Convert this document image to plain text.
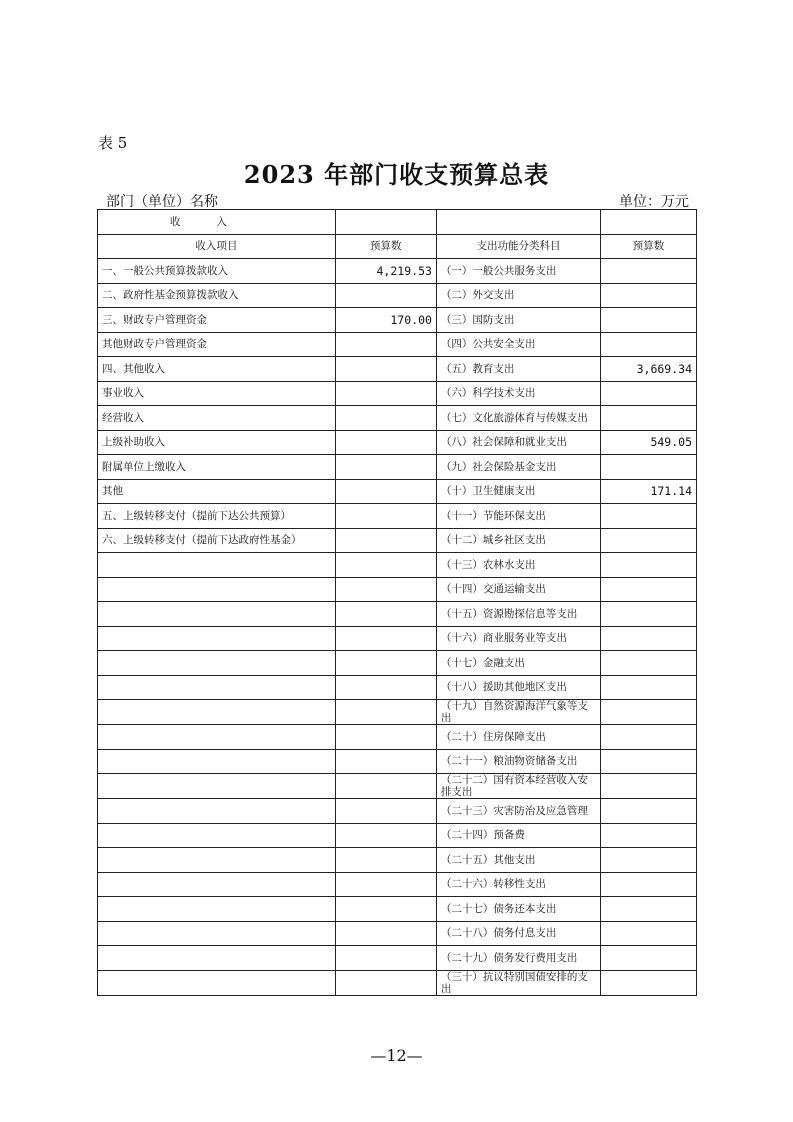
表 5
2023 年部门收支预算总表
部门（单位）名称	单位：万元
收入			
收入项目	预算数	支出功能分类科目	预算数
一、一般公共预算拨款收入	4,219.53	（一）一般公共服务支出	
二、政府性基金预算拨款收入		（二）外交支出	
三、财政专户管理资金	170.00	（三）国防支出	
其他财政专户管理资金		（四）公共安全支出	
四、其他收入		（五）教育支出	3,669.34
事业收入		（六）科学技术支出	
经营收入		（七）文化旅游体育与传媒支出	
上级补助收入		（八）社会保障和就业支出	549.05
附属单位上缴收入		（九）社会保险基金支出	
其他		（十）卫生健康支出	171.14
五、上级转移支付（提前下达公共预算）		（十一）节能环保支出	
六、上级转移支付（提前下达政府性基金）		（十二）城乡社区支出	
		（十三）农林水支出	
		（十四）交通运输支出	
		（十五）资源勘探信息等支出	
		（十六）商业服务业等支出	
		（十七）金融支出	
		（十八）援助其他地区支出	
		（十九）自然资源海洋气象等支出	
		（二十）住房保障支出	
		（二十一）粮油物资储备支出	
		（二十二）国有资本经营收入安排支出	
		（二十三）灾害防治及应急管理	
		（二十四）预备费	
		（二十五）其他支出	
		（二十六）转移性支出	
		（二十七）债务还本支出	
		（二十八）债务付息支出	
		（二十九）债务发行费用支出	
		（三十）抗议特别国债安排的支出	
—12—
